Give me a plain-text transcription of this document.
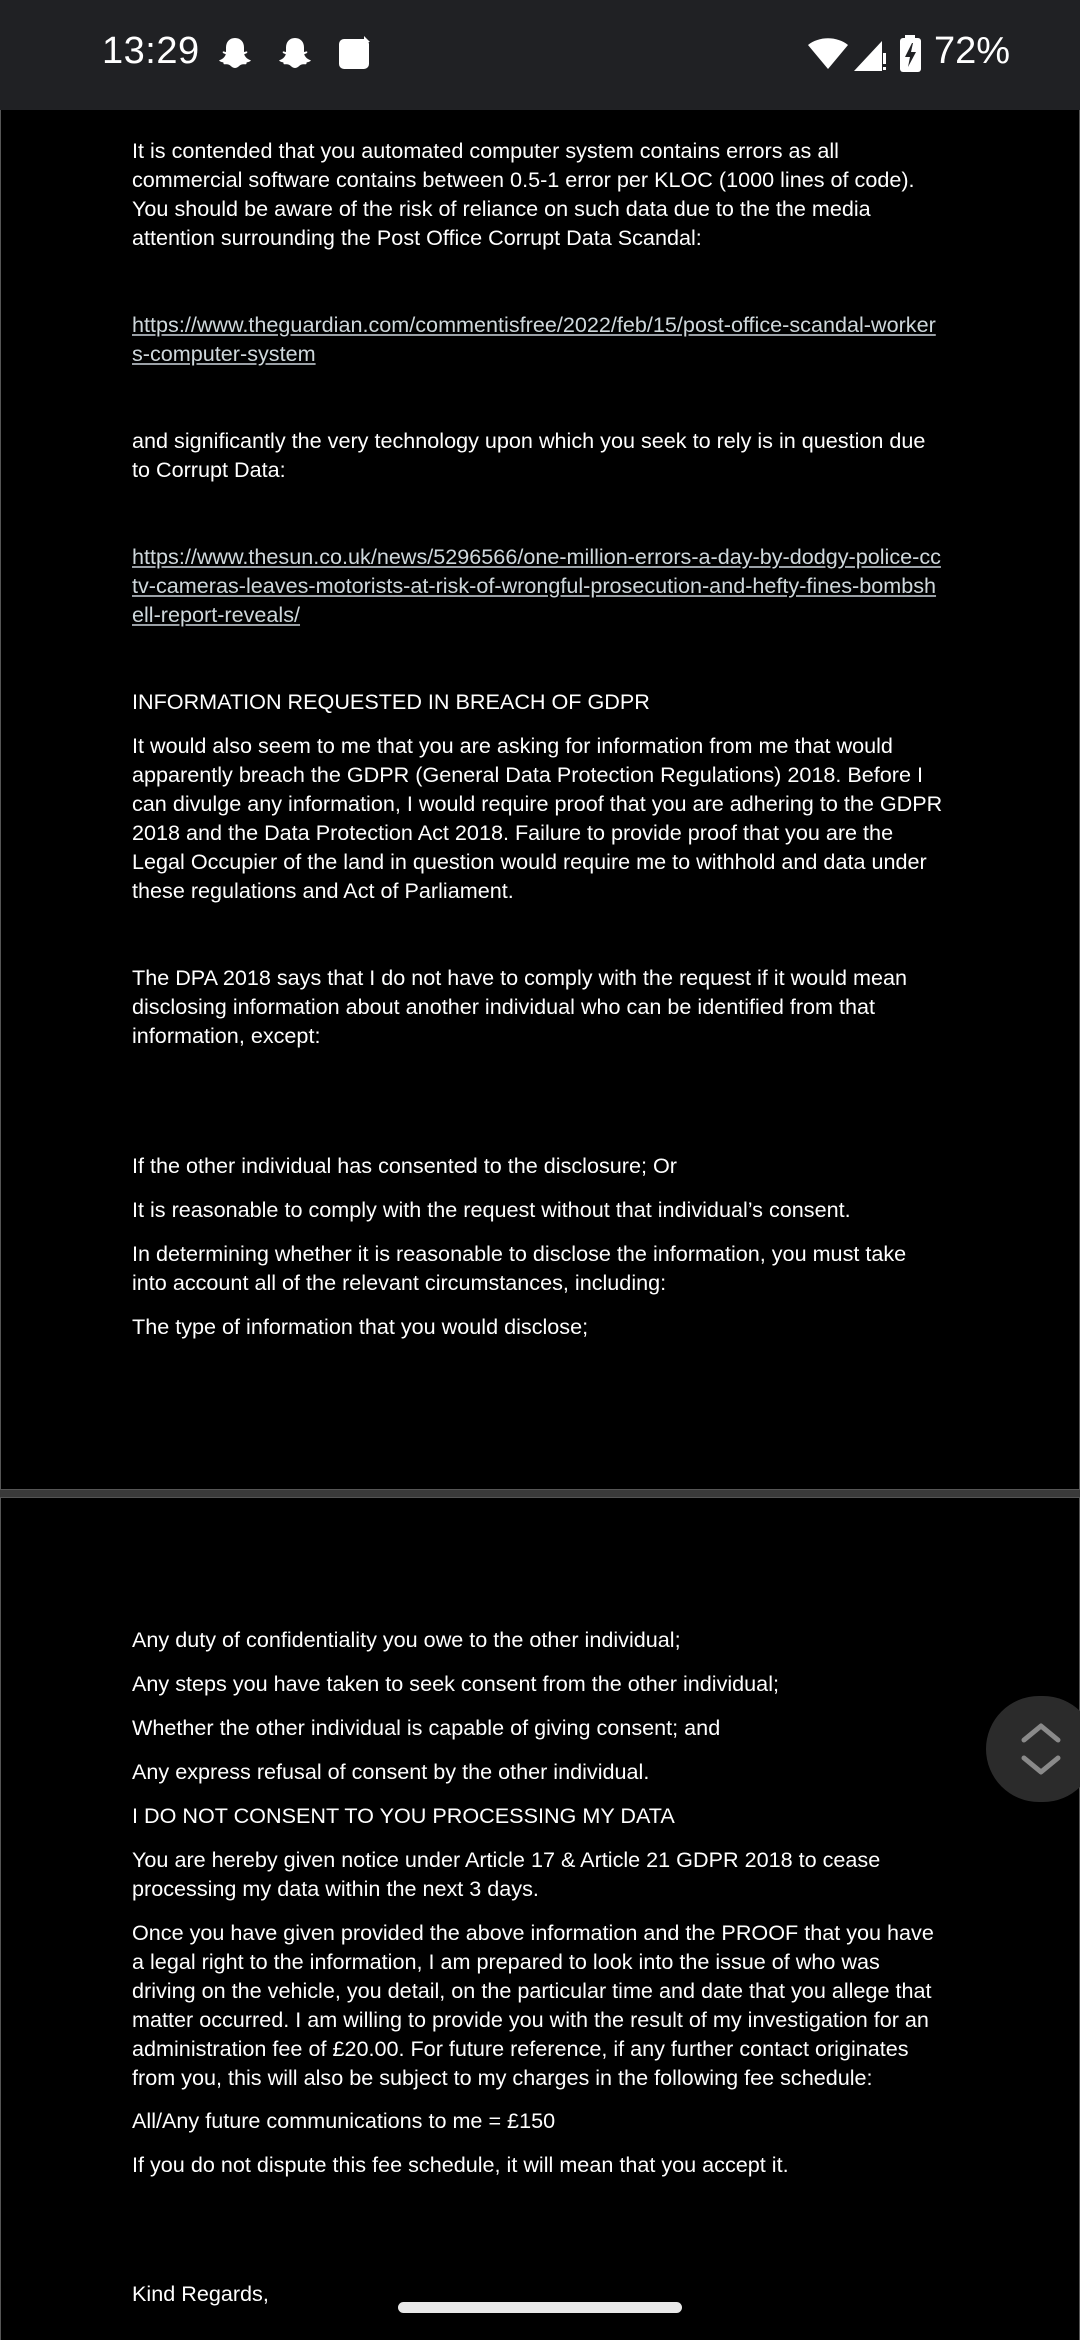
13:29	72%
It is contended that you automated computer system contains errors as all
commercial software contains between 0.5-1 error per KLOC (1000 lines of code).
You should be aware of the risk of reliance on such data due to the the media
attention surrounding the Post Office Corrupt Data Scandal:
https://www.theguardian.com/commentisfree/2022/feb/15/post-office-scandal-worker
s-computer-system
and significantly the very technology upon which you seek to rely is in question due
to Corrupt Data:
https://www.thesun.co.uk/news/5296566/one-million-errors-a-day-by-dodgy-police-cc
tv-cameras-leaves-motorists-at-risk-of-wrongful-prosecution-and-hefty-fines-bombsh
ell-report-reveals/
INFORMATION REQUESTED IN BREACH OF GDPR
It would also seem to me that you are asking for information from me that would
apparently breach the GDPR (General Data Protection Regulations) 2018. Before I
can divulge any information, I would require proof that you are adhering to the GDPR
2018 and the Data Protection Act 2018. Failure to provide proof that you are the
Legal Occupier of the land in question would require me to withhold and data under
these regulations and Act of Parliament.
The DPA 2018 says that I do not have to comply with the request if it would mean
disclosing information about another individual who can be identified from that
information, except:
If the other individual has consented to the disclosure; Or
It is reasonable to comply with the request without that individual’s consent.
In determining whether it is reasonable to disclose the information, you must take
into account all of the relevant circumstances, including:
The type of information that you would disclose;
Any duty of confidentiality you owe to the other individual;
Any steps you have taken to seek consent from the other individual;
Whether the other individual is capable of giving consent; and
Any express refusal of consent by the other individual.
I DO NOT CONSENT TO YOU PROCESSING MY DATA
You are hereby given notice under Article 17 & Article 21 GDPR 2018 to cease
processing my data within the next 3 days.
Once you have given provided the above information and the PROOF that you have
a legal right to the information, I am prepared to look into the issue of who was
driving on the vehicle, you detail, on the particular time and date that you allege that
matter occurred. I am willing to provide you with the result of my investigation for an
administration fee of £20.00. For future reference, if any further contact originates
from you, this will also be subject to my charges in the following fee schedule:
All/Any future communications to me = £150
If you do not dispute this fee schedule, it will mean that you accept it.
Kind Regards,
